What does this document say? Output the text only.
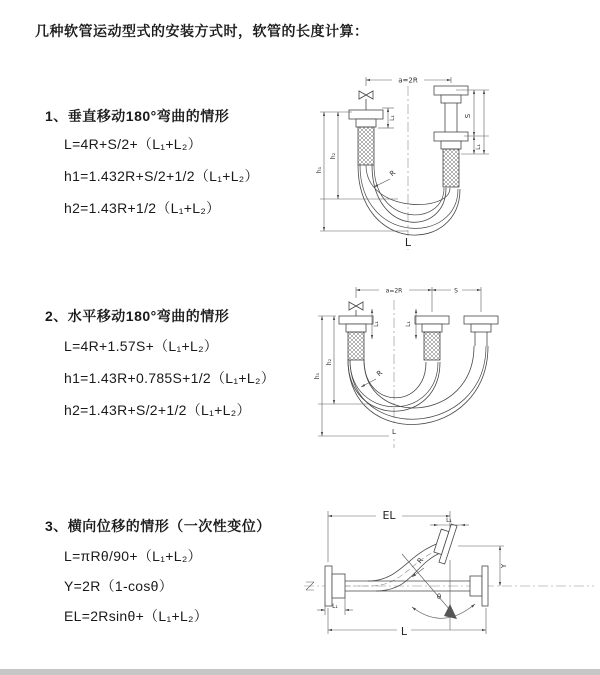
几种软管运动型式的安装方式时，软管的长度计算：
1、垂直移动180°弯曲的情形
L=4R+S/2+（L₁+L₂）
h1=1.432R+S/2+1/2（L₁+L₂）
h2=1.43R+1/2（L₁+L₂）
a=2R
S
L₁
L₁
h₁
h₂
R
L
2、水平移动180°弯曲的情形
L=4R+1.57S+（L₁+L₂）
h1=1.43R+0.785S+1/2（L₁+L₂）
h2=1.43R+S/2+1/2（L₁+L₂）
a=2R	S
L₁	L₁
h₁
h₂
R
L
3、横向位移的情形（一次性变位）
L=πRθ/90+（L₁+L₂）
Y=2R（1-cosθ）
EL=2Rsinθ+（L₁+L₂）
EL	L₁
Y
θ
R
L₁
L
